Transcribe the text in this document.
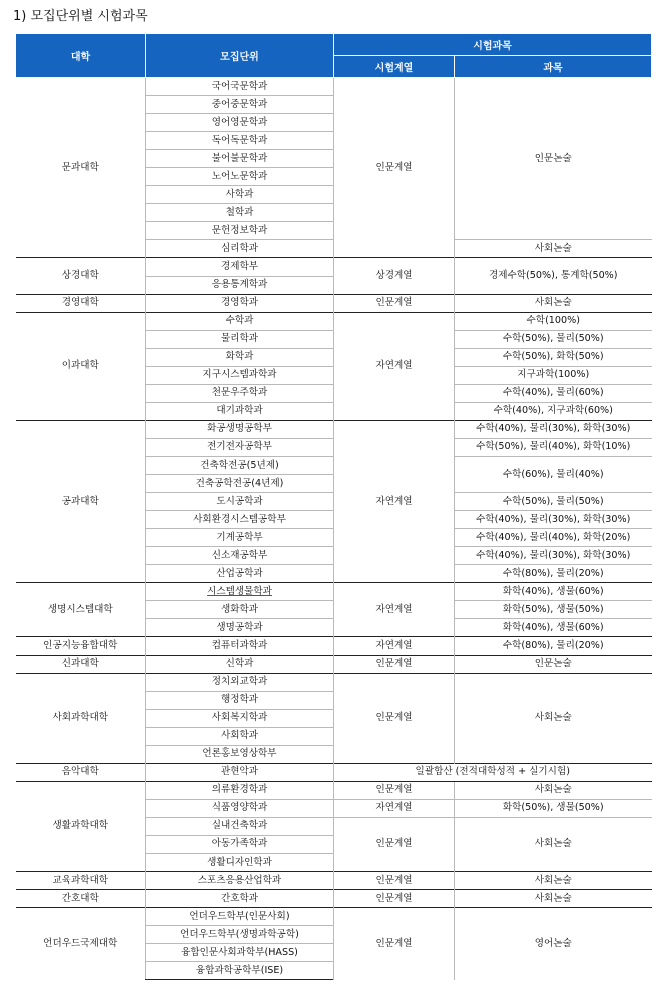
1) 모집단위별 시험과목
대학	모집단위	시험과목	
		시험계열	과목
문과대학	국어국문학과	인문계열	인문논술
	중어중문학과		
	영어영문학과		
	독어독문학과		
	불어불문학과		
	노어노문학과		
	사학과		
	철학과		
	문헌정보학과		
	심리학과		사회논술
상경대학	경제학부	상경계열	경제수학(50%), 통계학(50%)
	응용통계학과		
경영대학	경영학과	인문계열	사회논술
이과대학	수학과	자연계열	수학(100%)
	물리학과		수학(50%), 물리(50%)
	화학과		수학(50%), 화학(50%)
	지구시스템과학과		지구과학(100%)
	천문우주학과		수학(40%), 물리(60%)
	대기과학과		수학(40%), 지구과학(60%)
공과대학	화공생명공학부	자연계열	수학(40%), 물리(30%), 화학(30%)
	전기전자공학부		수학(50%), 물리(40%), 화학(10%)
	건축학전공(5년제)		수학(60%), 물리(40%)
	건축공학전공(4년제)		
	도시공학과		수학(50%), 물리(50%)
	사회환경시스템공학부		수학(40%), 물리(30%), 화학(30%)
	기계공학부		수학(40%), 물리(40%), 화학(20%)
	신소재공학부		수학(40%), 물리(30%), 화학(30%)
	산업공학과		수학(80%), 물리(20%)
생명시스템대학	시스템생물학과	자연계열	화학(40%), 생물(60%)
	생화학과		화학(50%), 생물(50%)
	생명공학과		화학(40%), 생물(60%)
인공지능융합대학	컴퓨터과학과	자연계열	수학(80%), 물리(20%)
신과대학	신학과	인문계열	인문논술
사회과학대학	정치외교학과	인문계열	사회논술
	행정학과		
	사회복지학과		
	사회학과		
	언론홍보영상학부		
음악대학	관현악과	일괄합산 (전적대학성적 + 실기시험)	
생활과학대학	의류환경학과	인문계열	사회논술
	식품영양학과	자연계열	화학(50%), 생물(50%)
	실내건축학과	인문계열	사회논술
	아동가족학과		
	생활디자인학과		
교육과학대학	스포츠응용산업학과	인문계열	사회논술
간호대학	간호학과	인문계열	사회논술
언더우드국제대학	언더우드학부(인문사회)	인문계열	영어논술
	언더우드학부(생명과학공학)		
	융합인문사회과학부(HASS)		
	융합과학공학부(ISE)		
